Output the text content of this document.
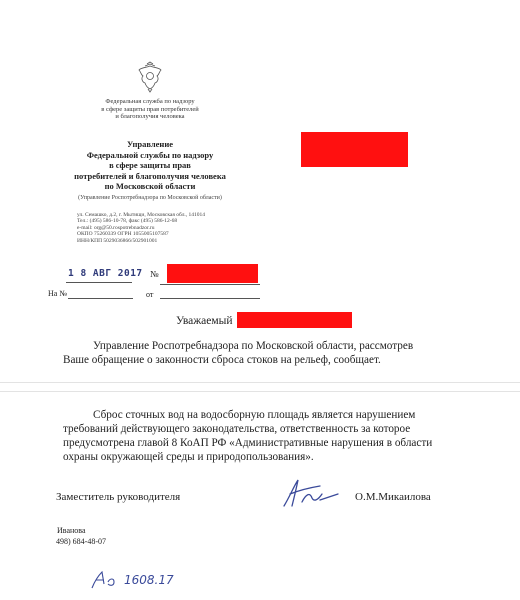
Федеральная служба по надзору
в сфере защиты прав потребителей
и благополучия человека
Управление
Федеральной службы по надзору
в сфере защиты прав
потребителей и благополучия человека
по Московской области
(Управление Роспотребнадзора по Московской области)
ул. Семашко, д.2, г. Мытищи, Московская обл., 141014
Тел.: (495) 586-10-78, факс (495) 586-12-68
e-mail: org@50.rospotrebnadzor.ru
ОКПО 75260339 ОГРН 1055005107587
ИНН/КПП 5029036866/502901001
1 8 АВГ 2017 №
На №	от
Уважаемый
Управление Роспотребнадзора по Московской области, рассмотрев
Ваше обращение о законности сброса стоков на рельеф, сообщает.
Сброс сточных вод на водосборную площадь является нарушением
требований действующего законодательства, ответственность за которое
предусмотрена главой 8 КоАП РФ «Административные нарушения в области
охраны окружающей среды и природопользования».
Заместитель руководителя	О.М.Микаилова
Иванова
498) 684-48-07
1608.17
